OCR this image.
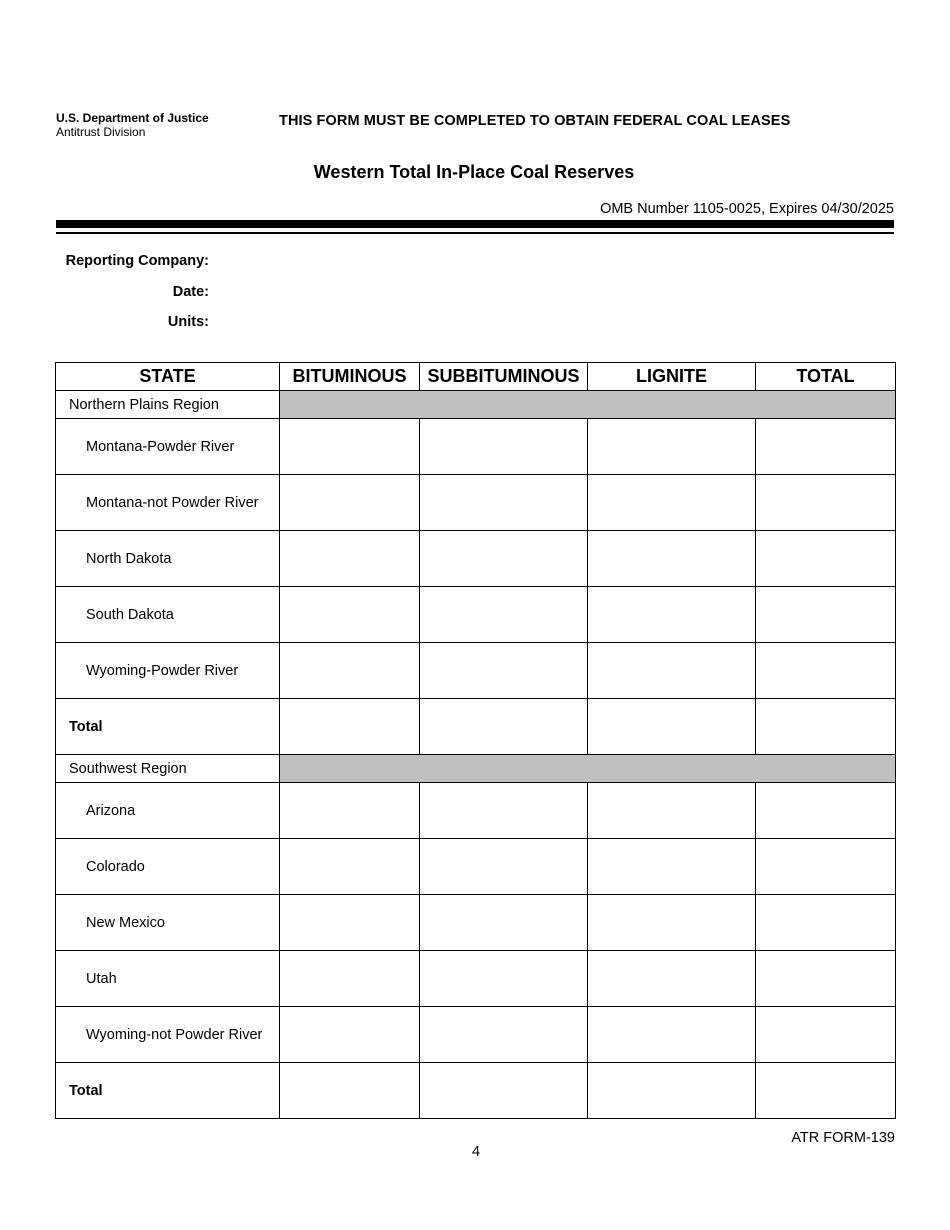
U.S. Department of Justice
Antitrust Division
THIS FORM MUST BE COMPLETED TO OBTAIN FEDERAL COAL LEASES
Western Total In-Place Coal Reserves
OMB Number 1105-0025, Expires 04/30/2025
Reporting Company:
Date:
Units:
STATE	BITUMINOUS	SUBBITUMINOUS	LIGNITE	TOTAL
Northern Plains Region				
Montana-Powder River				
Montana-not Powder River				
North Dakota				
South Dakota				
Wyoming-Powder River				
Total				
Southwest Region				
Arizona				
Colorado				
New Mexico				
Utah				
Wyoming-not Powder River				
Total				
ATR FORM-139
4
